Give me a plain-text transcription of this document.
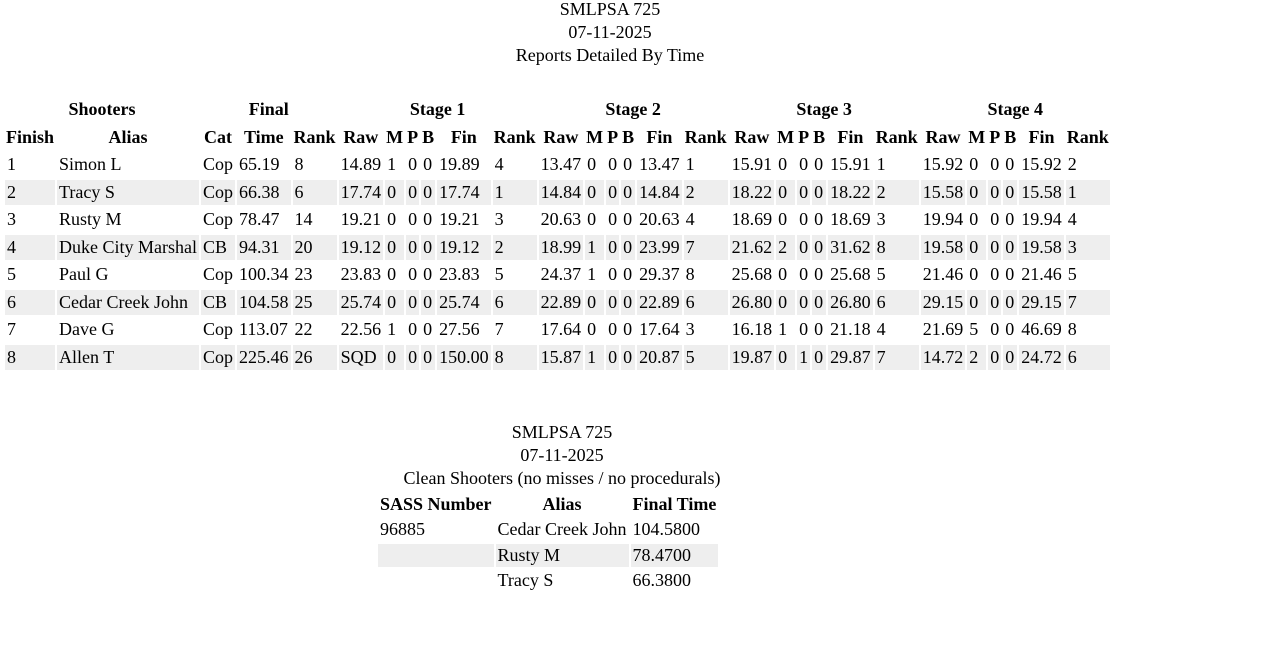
SMLPSA 725
07-11-2025
Reports Detailed By Time
Shooters		Final			Stage 1						Stage 2						Stage 3						Stage 4					
Finish	Alias	Cat	Time	Rank	Raw	M	P	B	Fin	Rank	Raw	M	P	B	Fin	Rank	Raw	M	P	B	Fin	Rank	Raw	M	P	B	Fin	Rank
1	Simon L	Cop	65.19	8	14.89	1	0	0	19.89	4	13.47	0	0	0	13.47	1	15.91	0	0	0	15.91	1	15.92	0	0	0	15.92	2
2	Tracy S	Cop	66.38	6	17.74	0	0	0	17.74	1	14.84	0	0	0	14.84	2	18.22	0	0	0	18.22	2	15.58	0	0	0	15.58	1
3	Rusty M	Cop	78.47	14	19.21	0	0	0	19.21	3	20.63	0	0	0	20.63	4	18.69	0	0	0	18.69	3	19.94	0	0	0	19.94	4
4	Duke City Marshal	CB	94.31	20	19.12	0	0	0	19.12	2	18.99	1	0	0	23.99	7	21.62	2	0	0	31.62	8	19.58	0	0	0	19.58	3
5	Paul G	Cop	100.34	23	23.83	0	0	0	23.83	5	24.37	1	0	0	29.37	8	25.68	0	0	0	25.68	5	21.46	0	0	0	21.46	5
6	Cedar Creek John	CB	104.58	25	25.74	0	0	0	25.74	6	22.89	0	0	0	22.89	6	26.80	0	0	0	26.80	6	29.15	0	0	0	29.15	7
7	Dave G	Cop	113.07	22	22.56	1	0	0	27.56	7	17.64	0	0	0	17.64	3	16.18	1	0	0	21.18	4	21.69	5	0	0	46.69	8
8	Allen T	Cop	225.46	26	SQD	0	0	0	150.00	8	15.87	1	0	0	20.87	5	19.87	0	1	0	29.87	7	14.72	2	0	0	24.72	6
SMLPSA 725
07-11-2025
Clean Shooters (no misses / no procedurals)
SASS Number	Alias	Final Time
96885	Cedar Creek John	104.5800
	Rusty M	78.4700
	Tracy S	66.3800
